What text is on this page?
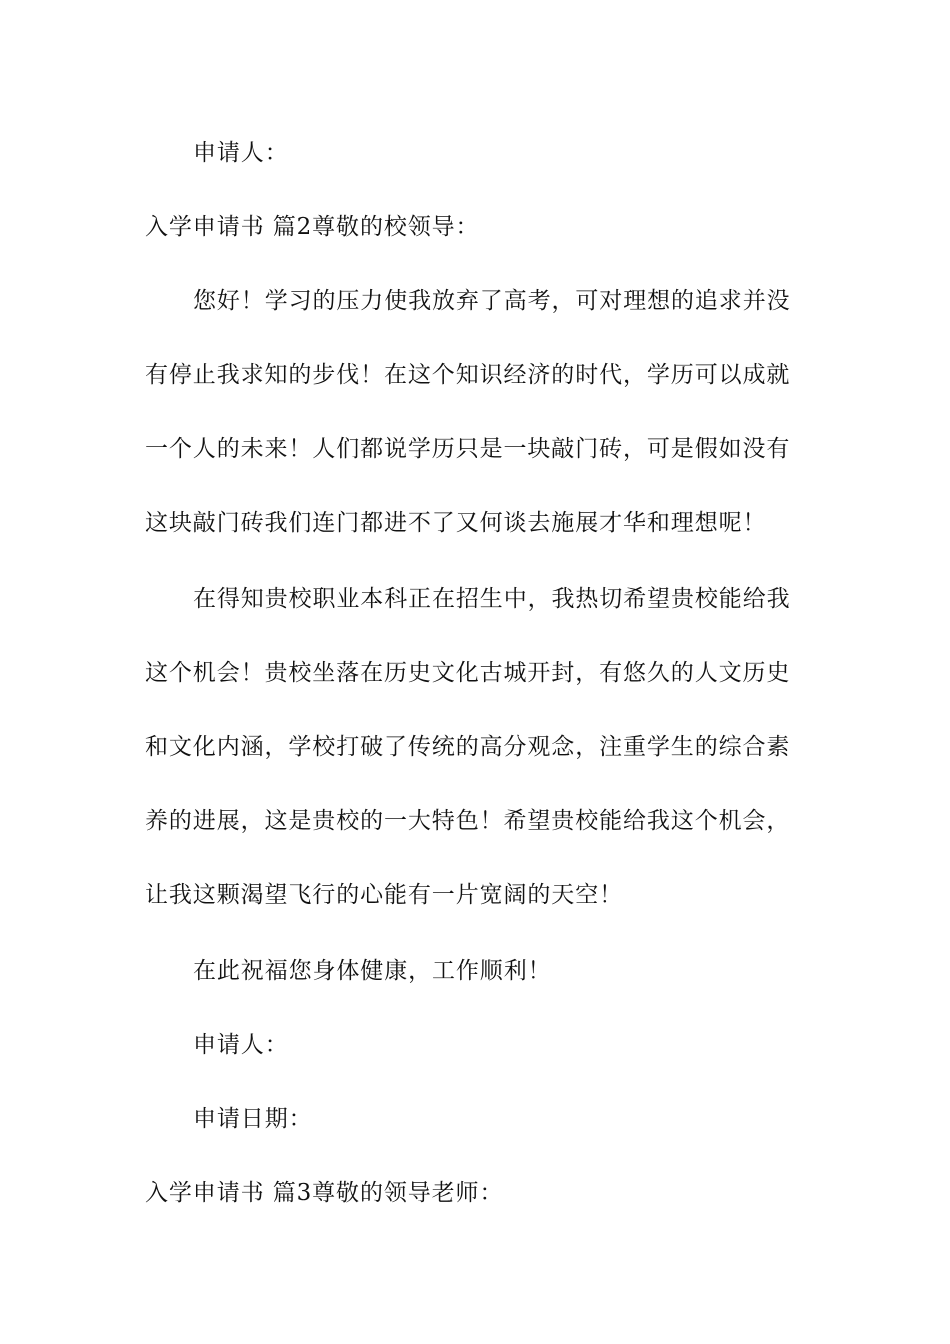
申请人：
入学申请书 篇2尊敬的校领导：
您好！学习的压力使我放弃了高考，可对理想的追求并没
有停止我求知的步伐！在这个知识经济的时代，学历可以成就
一个人的未来！人们都说学历只是一块敲门砖，可是假如没有
这块敲门砖我们连门都进不了又何谈去施展才华和理想呢！
在得知贵校职业本科正在招生中，我热切希望贵校能给我
这个机会！贵校坐落在历史文化古城开封，有悠久的人文历史
和文化内涵，学校打破了传统的高分观念，注重学生的综合素
养的进展，这是贵校的一大特色！希望贵校能给我这个机会，
让我这颗渴望飞行的心能有一片宽阔的天空！
在此祝福您身体健康，工作顺利！
申请人：
申请日期：
入学申请书 篇3尊敬的领导老师：
